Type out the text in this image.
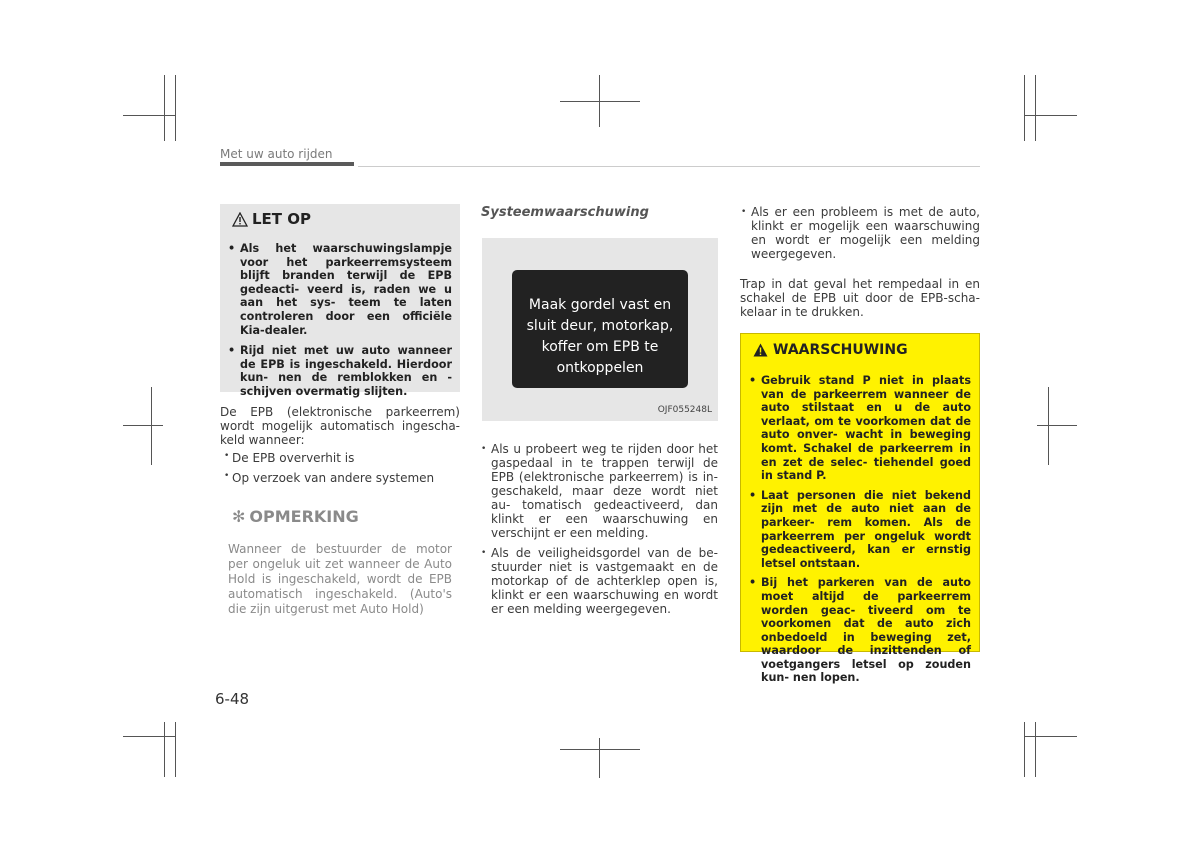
Met uw auto rijden
LET OP
• Als het waarschuwingslampje voor het parkeerremsysteem blijft branden terwijl de EPB gedeacti- veerd is, raden we u aan het sys- teem te laten controleren door een officiële Kia-dealer.
• Rijd niet met uw auto wanneer de EPB is ingeschakeld. Hierdoor kun- nen de remblokken en -schijven overmatig slijten.
De EPB (elektronische parkeerrem) wordt mogelijk automatisch ingescha- keld wanneer:
• De EPB oververhit is
• Op verzoek van andere systemen
✻ OPMERKING
Wanneer de bestuurder de motor per ongeluk uit zet wanneer de Auto Hold is ingeschakeld, wordt de EPB automatisch ingeschakeld. (Auto's die zijn uitgerust met Auto Hold)
Systeemwaarschuwing
Maak gordel vast en sluit deur, motorkap, koffer om EPB te ontkoppelen
OJF055248L
• Als u probeert weg te rijden door het gaspedaal in te trappen terwijl de EPB (elektronische parkeerrem) is in- geschakeld, maar deze wordt niet au- tomatisch gedeactiveerd, dan klinkt er een waarschuwing en verschijnt er een melding.
• Als de veiligheidsgordel van de be- stuurder niet is vastgemaakt en de motorkap of de achterklep open is, klinkt er een waarschuwing en wordt er een melding weergegeven.
• Als er een probleem is met de auto, klinkt er mogelijk een waarschuwing en wordt er mogelijk een melding weergegeven.
Trap in dat geval het rempedaal in en schakel de EPB uit door de EPB-scha- kelaar in te drukken.
WAARSCHUWING
• Gebruik stand P niet in plaats van de parkeerrem wanneer de auto stilstaat en u de auto verlaat, om te voorkomen dat de auto onver- wacht in beweging komt. Schakel de parkeerrem in en zet de selec- tiehendel goed in stand P.
• Laat personen die niet bekend zijn met de auto niet aan de parkeer- rem komen. Als de parkeerrem per ongeluk wordt gedeactiveerd, kan er ernstig letsel ontstaan.
• Bij het parkeren van de auto moet altijd de parkeerrem worden geac- tiveerd om te voorkomen dat de auto zich onbedoeld in beweging zet, waardoor de inzittenden of voetgangers letsel op zouden kun- nen lopen.
6-48
